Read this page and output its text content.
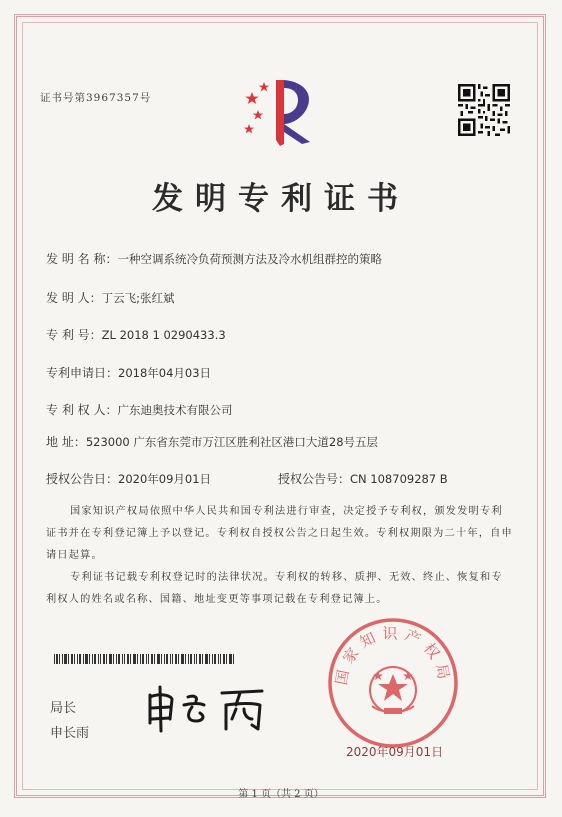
证书号第3967357号
发明专利证书
发 明 名 称：一种空调系统冷负荷预测方法及冷水机组群控的策略
发 明 人：丁云飞;张红斌
专 利 号：ZL 2018 1 0290433.3
专利申请日：2018年04月03日
专 利 权 人：广东迪奥技术有限公司
地 址：523000 广东省东莞市万江区胜利社区港口大道28号五层
授权公告日：2020年09月01日	授权公告号：CN 108709287 B
国家知识产权局依照中华人民共和国专利法进行审查，决定授予专利权，颁发发明专利证书并在专利登记簿上予以登记。专利权自授权公告之日起生效。专利权期限为二十年，自申请日起算。
专利证书记载专利权登记时的法律状况。专利权的转移、质押、无效、终止、恢复和专利权人的姓名或名称、国籍、地址变更等事项记载在专利登记簿上。
局长
申长雨
国家知识产权局
2020年09月01日
第 1 页（共 2 页）
